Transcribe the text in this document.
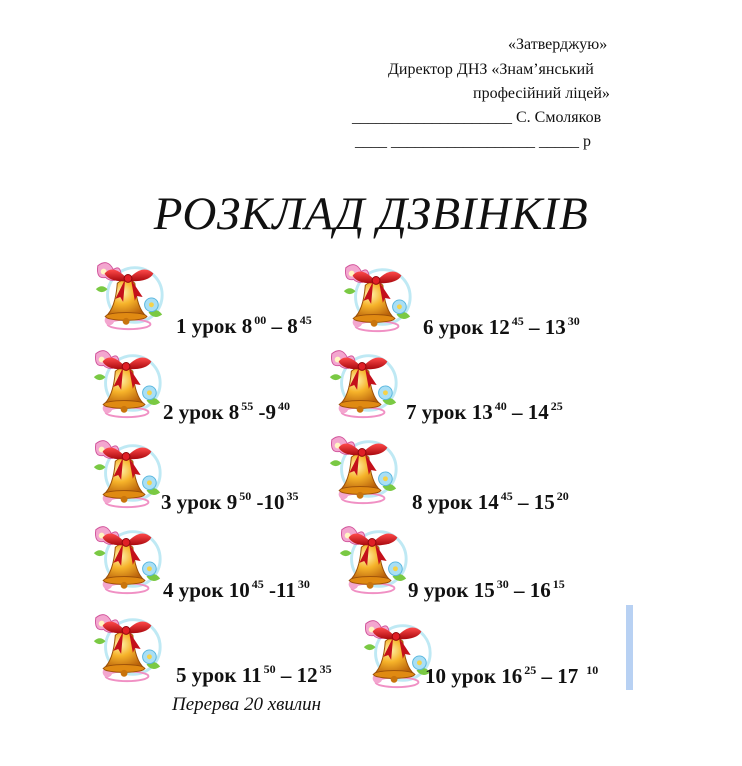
«Затверджую»
Директор ДНЗ «Знам’янський
професійний ліцей»
____________________ С. Смоляков
____ __________________ _____ р
РОЗКЛАД ДЗВІНКІВ
1 урок 8 $^{00}$ – 8 $^{45}$
2 урок 8 $^{55}$ -9 $^{40}$
3 урок 9 $^{50}$ -10 $^{35}$
4 урок 10 $^{45}$ -11 $^{30}$
5 урок 11 $^{50}$ – 12 $^{35}$
6 урок 12 $^{45}$ – 13 $^{30}$
7 урок 13 $^{40}$ – 14 $^{25}$
8 урок 14 $^{45}$ – 15 $^{20}$
9 урок 15 $^{30}$ – 16 $^{15}$
10 урок 16 $^{25}$ – 17 $^{10}$
Перерва 20 хвилин
